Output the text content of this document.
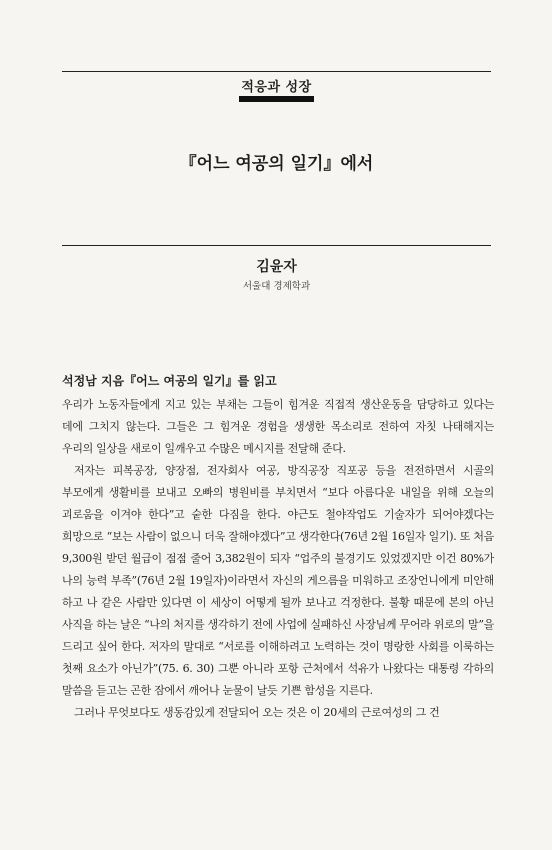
적응과 성장
『어느 여공의 일기』에서
김윤자
서울대 경제학과

석정남 지음『어느 여공의 일기』를 읽고

우리가 노동자들에게 지고 있는 부채는 그들이 힘겨운 직접적 생산운동을 담당하고 있다는 데에 그치지 않는다. 그들은 그 힘겨운 경험을 생생한 목소리로 전하여 자칫 나태해지는 우리의 일상을 새로이 일깨우고 수많은 메시지를 전달해 준다.

저자는 피복공장, 양장점, 전자회사 여공, 방직공장 직포공 등을 전전하면서 시골의 부모에게 생활비를 보내고 오빠의 병원비를 부치면서 “보다 아름다운 내일을 위해 오늘의 괴로움을 이겨야 한다”고 숱한 다짐을 한다. 야근도 철야작업도 기술자가 되어야겠다는 희망으로 “보는 사람이 없으니 더욱 잘해야겠다”고 생각한다(76년 2월 16일자 일기). 또 처음 9,300원 받던 월급이 점점 줄어 3,382원이 되자 “업주의 불경기도 있었겠지만 이건 80%가 나의 능력 부족”(76년 2월 19일자)이라면서 자신의 게으름을 미워하고 조장언니에게 미안해 하고 나 같은 사람만 있다면 이 세상이 어떻게 될까 보나고 걱정한다. 불황 때문에 본의 아닌 사직을 하는 날은 “나의 처지를 생각하기 전에 사업에 실패하신 사장님께 무어라 위로의 말”을 드리고 싶어 한다. 저자의 말대로 “서로를 이해하려고 노력하는 것이 명랑한 사회를 이룩하는 첫째 요소가 아닌가”(75. 6. 30) 그뿐 아니라 포항 근처에서 석유가 나왔다는 대통령 각하의 말씀을 듣고는 곤한 잠에서 깨어나 눈물이 날듯 기쁜 함성을 지른다.

그러나 무엇보다도 생동감있게 전달되어 오는 것은 이 20세의 근로여성의 그 건
